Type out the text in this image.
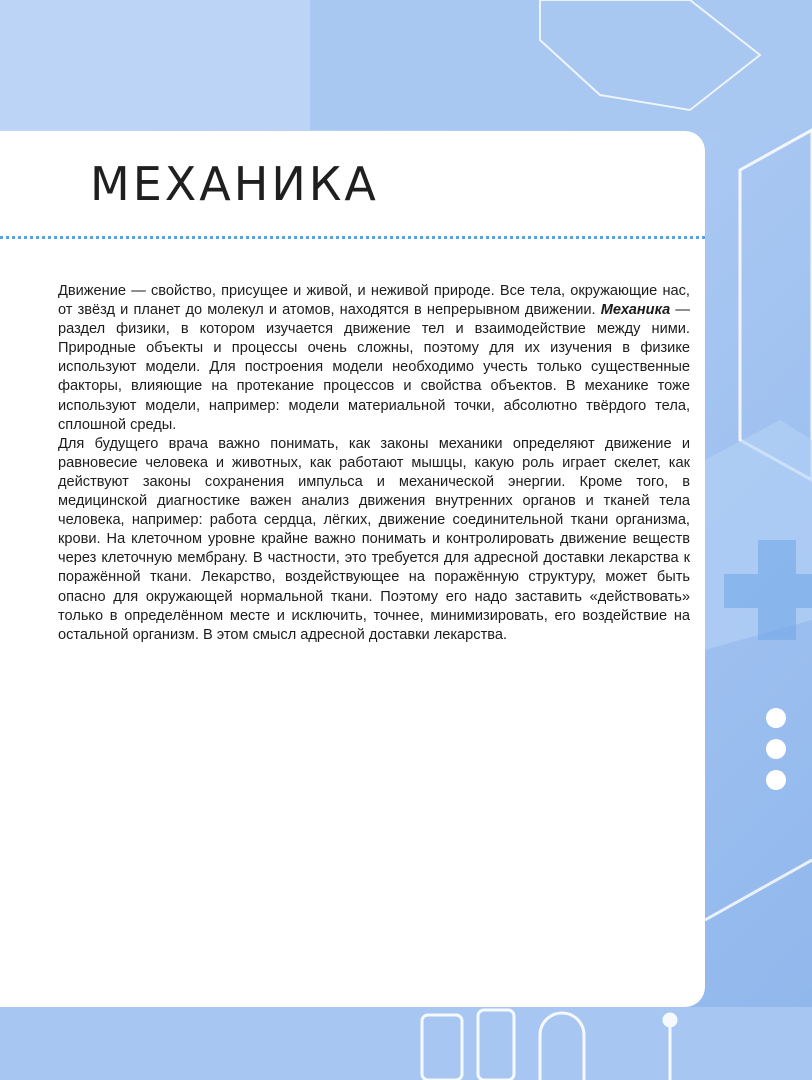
МЕХАНИКА

Движение — свойство, присущее и живой, и неживой природе. Все тела, окружающие нас, от звёзд и планет до молекул и атомов, находятся в непрерывном движении. Механика — раздел физики, в котором изучается движение тел и взаимодействие между ними. Природные объекты и процессы очень сложны, поэтому для их изучения в физике используют модели. Для построения модели необходимо учесть только существенные факторы, влияющие на протекание процессов и свойства объектов. В механике тоже используют модели, например: модели материальной точки, абсолютно твёрдого тела, сплошной среды.

Для будущего врача важно понимать, как законы механики определяют движение и равновесие человека и животных, как работают мышцы, какую роль играет скелет, как действуют законы сохранения импульса и механической энергии. Кроме того, в медицинской диагностике важен анализ движения внутренних органов и тканей тела человека, например: работа сердца, лёгких, движение соединительной ткани организма, крови. На клеточном уровне крайне важно понимать и контролировать движение веществ через клеточную мембрану. В частности, это требуется для адресной доставки лекарства к поражённой ткани. Лекарство, воздействующее на поражённую структуру, может быть опасно для окружающей нормальной ткани. Поэтому его надо заставить «действовать» только в определённом месте и исключить, точнее, минимизировать, его воздействие на остальной организм. В этом смысл адресной доставки лекарства.
